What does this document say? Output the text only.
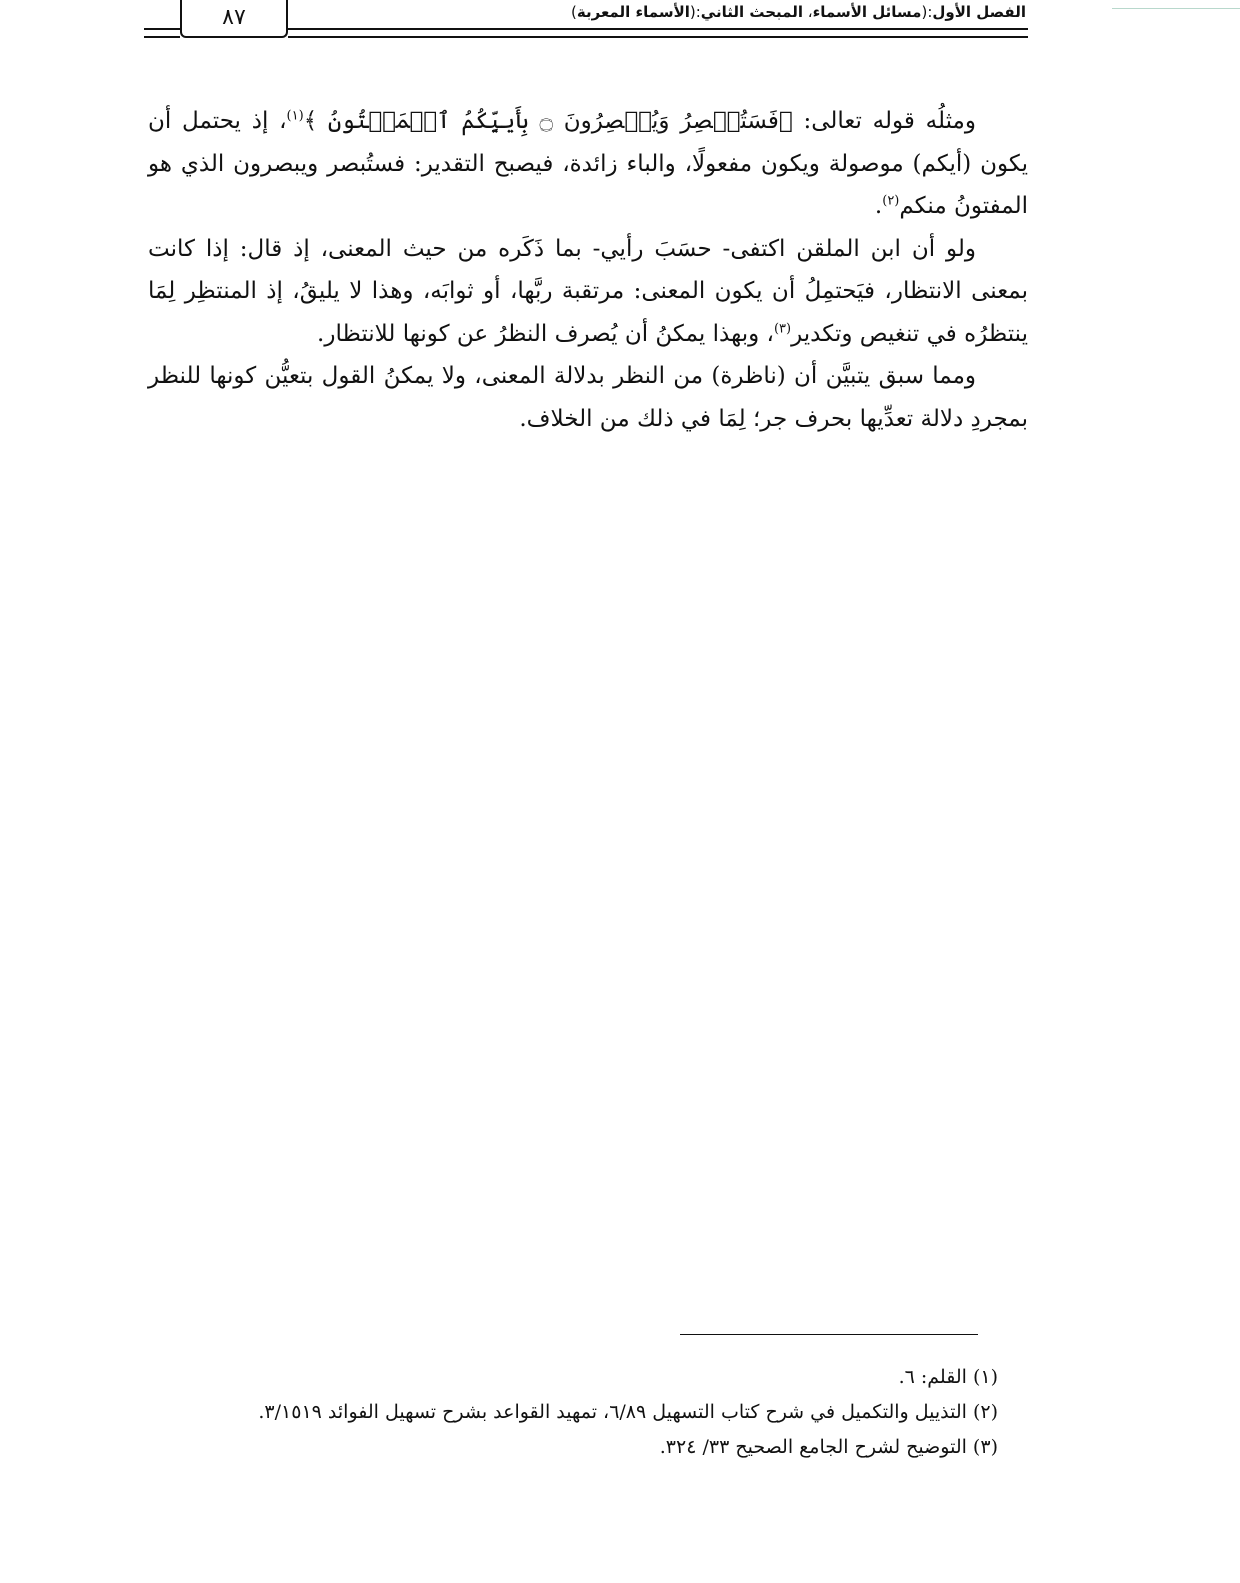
٨٧	الفصل الأول:(مسائل الأسماء، المبحث الثاني:(الأسماء المعربة)

ومثلُه قوله تعالى: ﴿فَسَتُبۡصِرُ وَيُبۡصِرُونَ ۝ بِأَييِّكُمُ ٱلۡمَفۡتُونُ ﴾$^{(١)}$، إذ يحتمل أن يكون (أيكم) موصولة ويكون مفعولًا، والباء زائدة، فيصبح التقدير: فستُبصر ويبصرون الذي هو المفتونُ منكم$^{(٢)}$.

ولو أن ابن الملقن اكتفى- حسَبَ رأيي- بما ذَكَره من حيث المعنى، إذ قال: إذا كانت بمعنى الانتظار، فيَحتمِلُ أن يكون المعنى: مرتقبة ربَّها، أو ثوابَه، وهذا لا يليقُ، إذ المنتظِر لِمَا ينتظرُه في تنغيص وتكدير$^{(٣)}$، وبهذا يمكنُ أن يُصرف النظرُ عن كونها للانتظار.

ومما سبق يتبيَّن أن (ناظرة) من النظر بدلالة المعنى، ولا يمكنُ القول بتعيُّن كونها للنظر بمجردِ دلالة تعدِّيها بحرف جر؛ لِمَا في ذلك من الخلاف.

(١) القلم: ٦.

(٢) التذييل والتكميل في شرح كتاب التسهيل ٦/٨٩، تمهيد القواعد بشرح تسهيل الفوائد ٣/١٥١٩.

(٣) التوضيح لشرح الجامع الصحيح ٣٣/ ٣٢٤.
